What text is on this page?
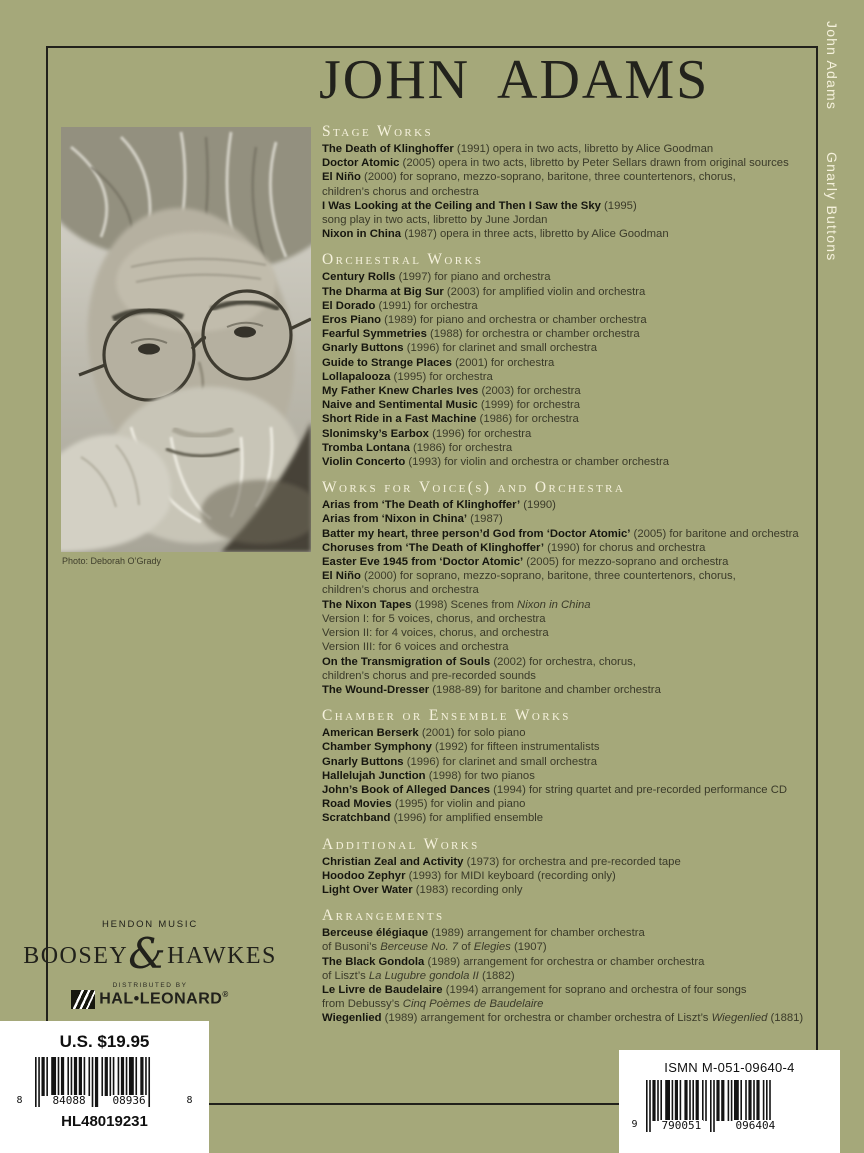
JOHN ADAMS
Photo: Deborah O’Grady
John Adams
Gnarly Buttons
Stage Works
The Death of Klinghoffer (1991) opera in two acts, libretto by Alice Goodman
Doctor Atomic (2005) opera in two acts, libretto by Peter Sellars drawn from original sources
El Niño (2000) for soprano, mezzo-soprano, baritone, three countertenors, chorus,
children’s chorus and orchestra
I Was Looking at the Ceiling and Then I Saw the Sky (1995)
song play in two acts, libretto by June Jordan
Nixon in China (1987) opera in three acts, libretto by Alice Goodman
Orchestral Works
Century Rolls (1997) for piano and orchestra
The Dharma at Big Sur (2003) for amplified violin and orchestra
El Dorado (1991) for orchestra
Eros Piano (1989) for piano and orchestra or chamber orchestra
Fearful Symmetries (1988) for orchestra or chamber orchestra
Gnarly Buttons (1996) for clarinet and small orchestra
Guide to Strange Places (2001) for orchestra
Lollapalooza (1995) for orchestra
My Father Knew Charles Ives (2003) for orchestra
Naive and Sentimental Music (1999) for orchestra
Short Ride in a Fast Machine (1986) for orchestra
Slonimsky’s Earbox (1996) for orchestra
Tromba Lontana (1986) for orchestra
Violin Concerto (1993) for violin and orchestra or chamber orchestra
Works for Voice(s) and Orchestra
Arias from ‘The Death of Klinghoffer’ (1990)
Arias from ‘Nixon in China’ (1987)
Batter my heart, three person’d God from ‘Doctor Atomic’ (2005) for baritone and orchestra
Choruses from ‘The Death of Klinghoffer’ (1990) for chorus and orchestra
Easter Eve 1945 from ‘Doctor Atomic’ (2005) for mezzo-soprano and orchestra
El Niño (2000) for soprano, mezzo-soprano, baritone, three countertenors, chorus,
children’s chorus and orchestra
The Nixon Tapes (1998) Scenes from Nixon in China
Version I: for 5 voices, chorus, and orchestra
Version II: for 4 voices, chorus, and orchestra
Version III: for 6 voices and orchestra
On the Transmigration of Souls (2002) for orchestra, chorus,
children’s chorus and pre-recorded sounds
The Wound-Dresser (1988-89) for baritone and chamber orchestra
Chamber or Ensemble Works
American Berserk (2001) for solo piano
Chamber Symphony (1992) for fifteen instrumentalists
Gnarly Buttons (1996) for clarinet and small orchestra
Hallelujah Junction (1998) for two pianos
John’s Book of Alleged Dances (1994) for string quartet and pre-recorded performance CD
Road Movies (1995) for violin and piano
Scratchband (1996) for amplified ensemble
Additional Works
Christian Zeal and Activity (1973) for orchestra and pre-recorded tape
Hoodoo Zephyr (1993) for MIDI keyboard (recording only)
Light Over Water (1983) recording only
Arrangements
Berceuse élégiaque (1989) arrangement for chamber orchestra
of Busoni’s Berceuse No. 7 of Elegies (1907)
The Black Gondola (1989) arrangement for orchestra or chamber orchestra
of Liszt’s La Lugubre gondola II (1882)
Le Livre de Baudelaire (1994) arrangement for soprano and orchestra of four songs
from Debussy’s Cinq Poèmes de Baudelaire
Wiegenlied (1989) arrangement for orchestra or chamber orchestra of Liszt’s Wiegenlied (1881)
HENDON MUSIC
BOOSEY & HAWKES
DISTRIBUTED BY
HAL•LEONARD®
U.S. $19.95
8	84088 08936	8
HL48019231
ISMN M-051-09640-4
9 790051	096404
